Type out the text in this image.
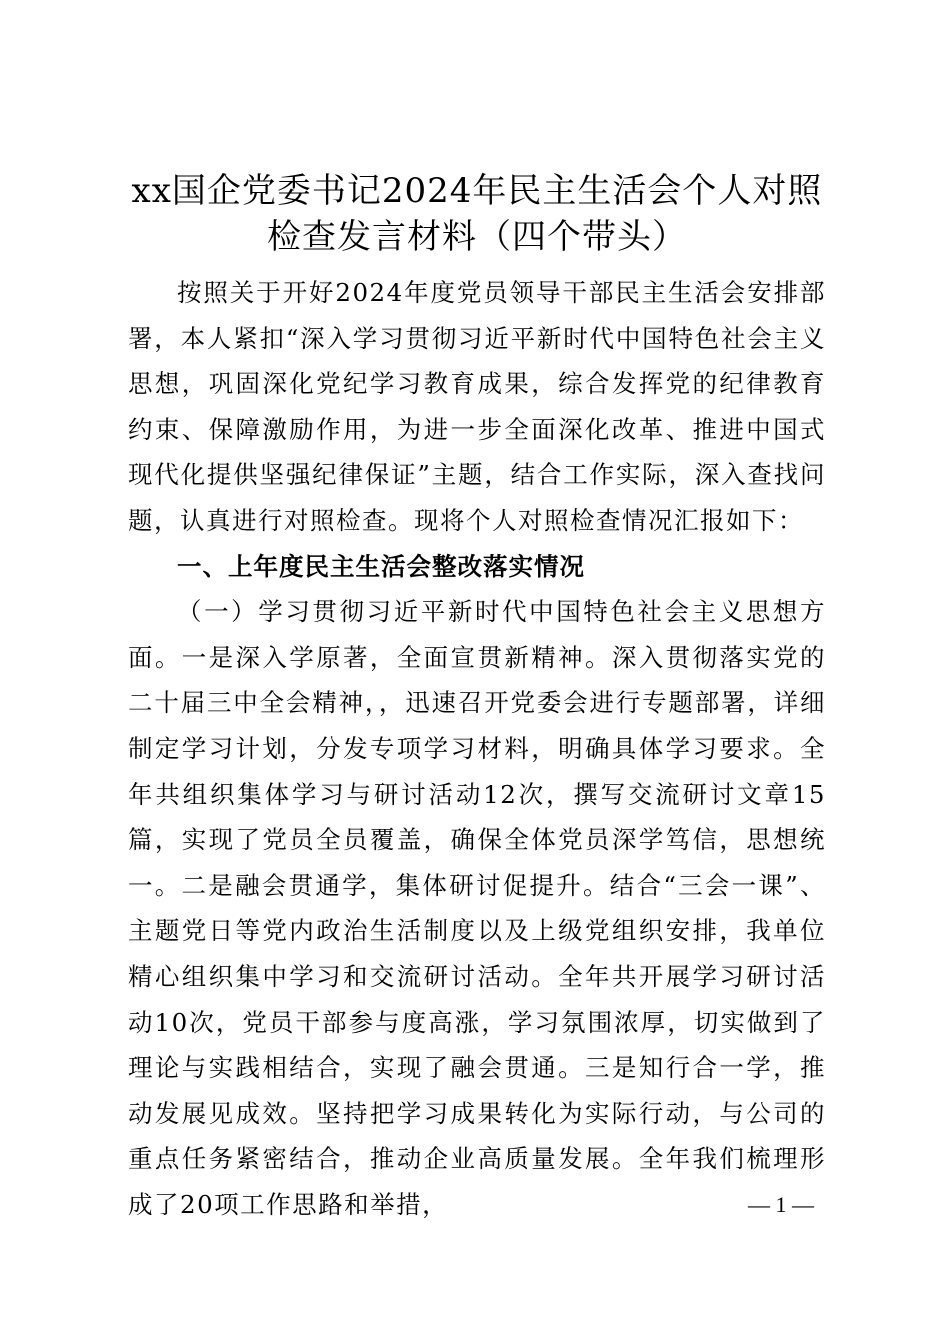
xx国企党委书记2024年民主生活会个人对照检查发言材料（四个带头）

按照关于开好2024年度党员领导干部民主生活会安排部署，本人紧扣“深入学习贯彻习近平新时代中国特色社会主义思想，巩固深化党纪学习教育成果，综合发挥党的纪律教育约束、保障激励作用，为进一步全面深化改革、推进中国式现代化提供坚强纪律保证”主题，结合工作实际，深入查找问题，认真进行对照检查。现将个人对照检查情况汇报如下：

一、上年度民主生活会整改落实情况

（一）学习贯彻习近平新时代中国特色社会主义思想方面。一是深入学原著，全面宣贯新精神。深入贯彻落实党的二十届三中全会精神，，迅速召开党委会进行专题部署，详细制定学习计划，分发专项学习材料，明确具体学习要求。全年共组织集体学习与研讨活动12次，撰写交流研讨文章15篇，实现了党员全员覆盖，确保全体党员深学笃信，思想统一。二是融会贯通学，集体研讨促提升。结合“三会一课”、主题党日等党内政治生活制度以及上级党组织安排，我单位精心组织集中学习和交流研讨活动。全年共开展学习研讨活动10次，党员干部参与度高涨，学习氛围浓厚，切实做到了理论与实践相结合，实现了融会贯通。三是知行合一学，推动发展见成效。坚持把学习成果转化为实际行动，与公司的重点任务紧密结合，推动企业高质量发展。全年我们梳理形成了20项工作思路和举措，	— 1 —
